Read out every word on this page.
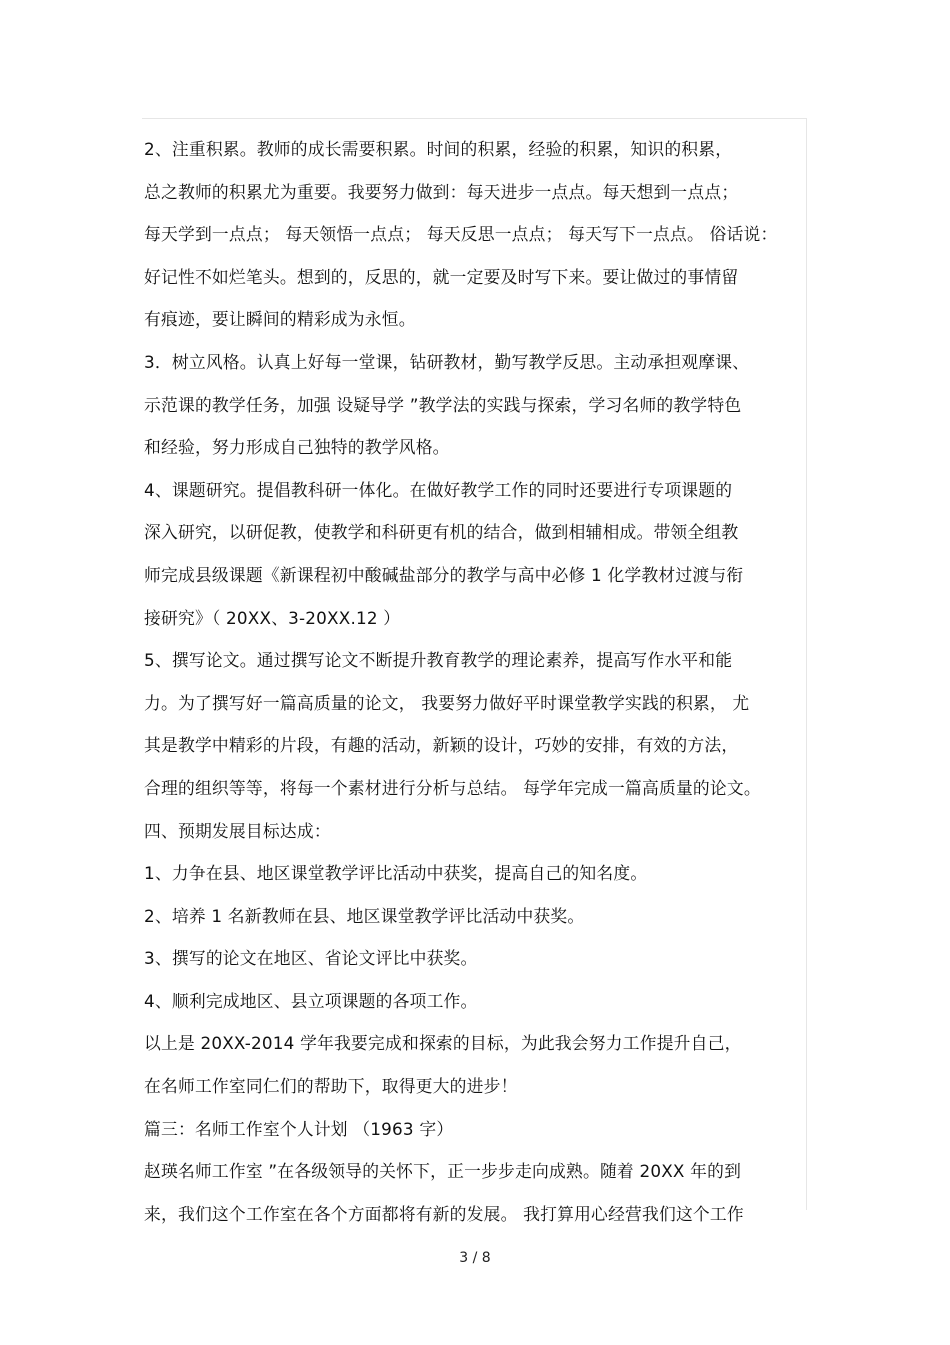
2、注重积累。教师的成长需要积累。时间的积累，经验的积累，知识的积累，
总之教师的积累尤为重要。我要努力做到：每天进步一点点。每天想到一点点；
每天学到一点点； 每天领悟一点点； 每天反思一点点； 每天写下一点点。 俗话说：
好记性不如烂笔头。想到的，反思的，就一定要及时写下来。要让做过的事情留
有痕迹，要让瞬间的精彩成为永恒。
3．树立风格。认真上好每一堂课，钻研教材，勤写教学反思。主动承担观摩课、
示范课的教学任务，加强 设疑导学 ”教学法的实践与探索，学习名师的教学特色
和经验，努力形成自己独特的教学风格。
4、课题研究。提倡教科研一体化。在做好教学工作的同时还要进行专项课题的
深入研究，以研促教，使教学和科研更有机的结合，做到相辅相成。带领全组教
师完成县级课题《新课程初中酸碱盐部分的教学与高中必修 1 化学教材过渡与衔
接研究》（ 20XX、3-20XX.12 ）
5、撰写论文。通过撰写论文不断提升教育教学的理论素养，提高写作水平和能
力。为了撰写好一篇高质量的论文， 我要努力做好平时课堂教学实践的积累， 尤
其是教学中精彩的片段，有趣的活动，新颖的设计，巧妙的安排，有效的方法，
合理的组织等等，将每一个素材进行分析与总结。 每学年完成一篇高质量的论文。
四、预期发展目标达成：
1、力争在县、地区课堂教学评比活动中获奖，提高自己的知名度。
2、培养 1 名新教师在县、地区课堂教学评比活动中获奖。
3、撰写的论文在地区、省论文评比中获奖。
4、顺利完成地区、县立项课题的各项工作。
以上是 20XX-2014 学年我要完成和探索的目标，为此我会努力工作提升自己，
在名师工作室同仁们的帮助下，取得更大的进步！
篇三：名师工作室个人计划 （1963 字）
赵瑛名师工作室 ”在各级领导的关怀下，正一步步走向成熟。随着 20XX 年的到
来，我们这个工作室在各个方面都将有新的发展。 我打算用心经营我们这个工作
3 / 8
